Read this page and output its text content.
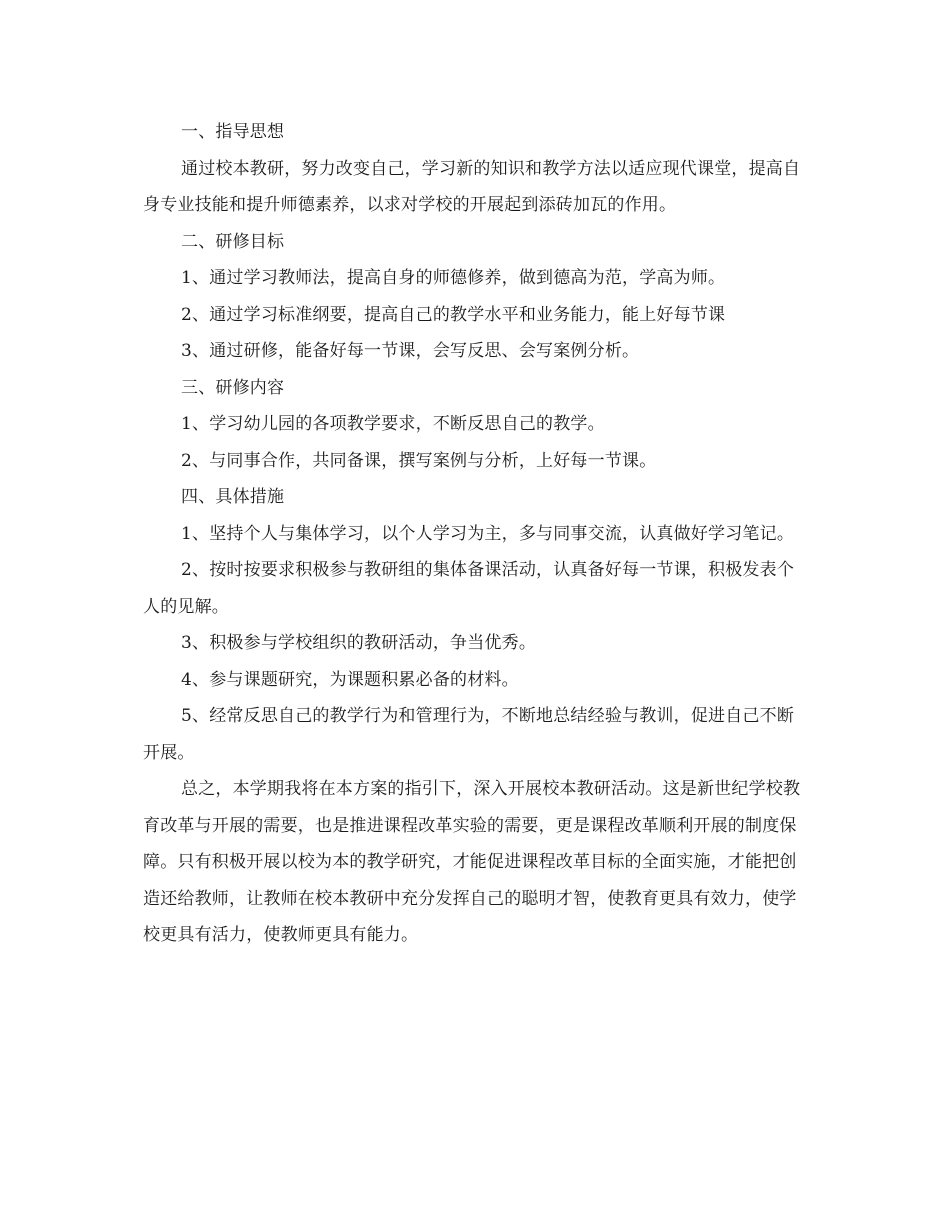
一、指导思想

通过校本教研，努力改变自己，学习新的知识和教学方法以适应现代课堂，提高自身专业技能和提升师德素养，以求对学校的开展起到添砖加瓦的作用。

二、研修目标

1、通过学习教师法，提高自身的师德修养，做到德高为范，学高为师。

2、通过学习标准纲要，提高自己的教学水平和业务能力，能上好每节课

3、通过研修，能备好每一节课，会写反思、会写案例分析。

三、研修内容

1、学习幼儿园的各项教学要求，不断反思自己的教学。

2、与同事合作，共同备课，撰写案例与分析，上好每一节课。

四、具体措施

1、坚持个人与集体学习，以个人学习为主，多与同事交流，认真做好学习笔记。

2、按时按要求积极参与教研组的集体备课活动，认真备好每一节课，积极发表个人的见解。

3、积极参与学校组织的教研活动，争当优秀。

4、参与课题研究，为课题积累必备的材料。

5、经常反思自己的教学行为和管理行为，不断地总结经验与教训，促进自己不断开展。

总之，本学期我将在本方案的指引下，深入开展校本教研活动。这是新世纪学校教育改革与开展的需要，也是推进课程改革实验的需要，更是课程改革顺利开展的制度保障。只有积极开展以校为本的教学研究，才能促进课程改革目标的全面实施，才能把创造还给教师，让教师在校本教研中充分发挥自己的聪明才智，使教育更具有效力，使学校更具有活力，使教师更具有能力。
